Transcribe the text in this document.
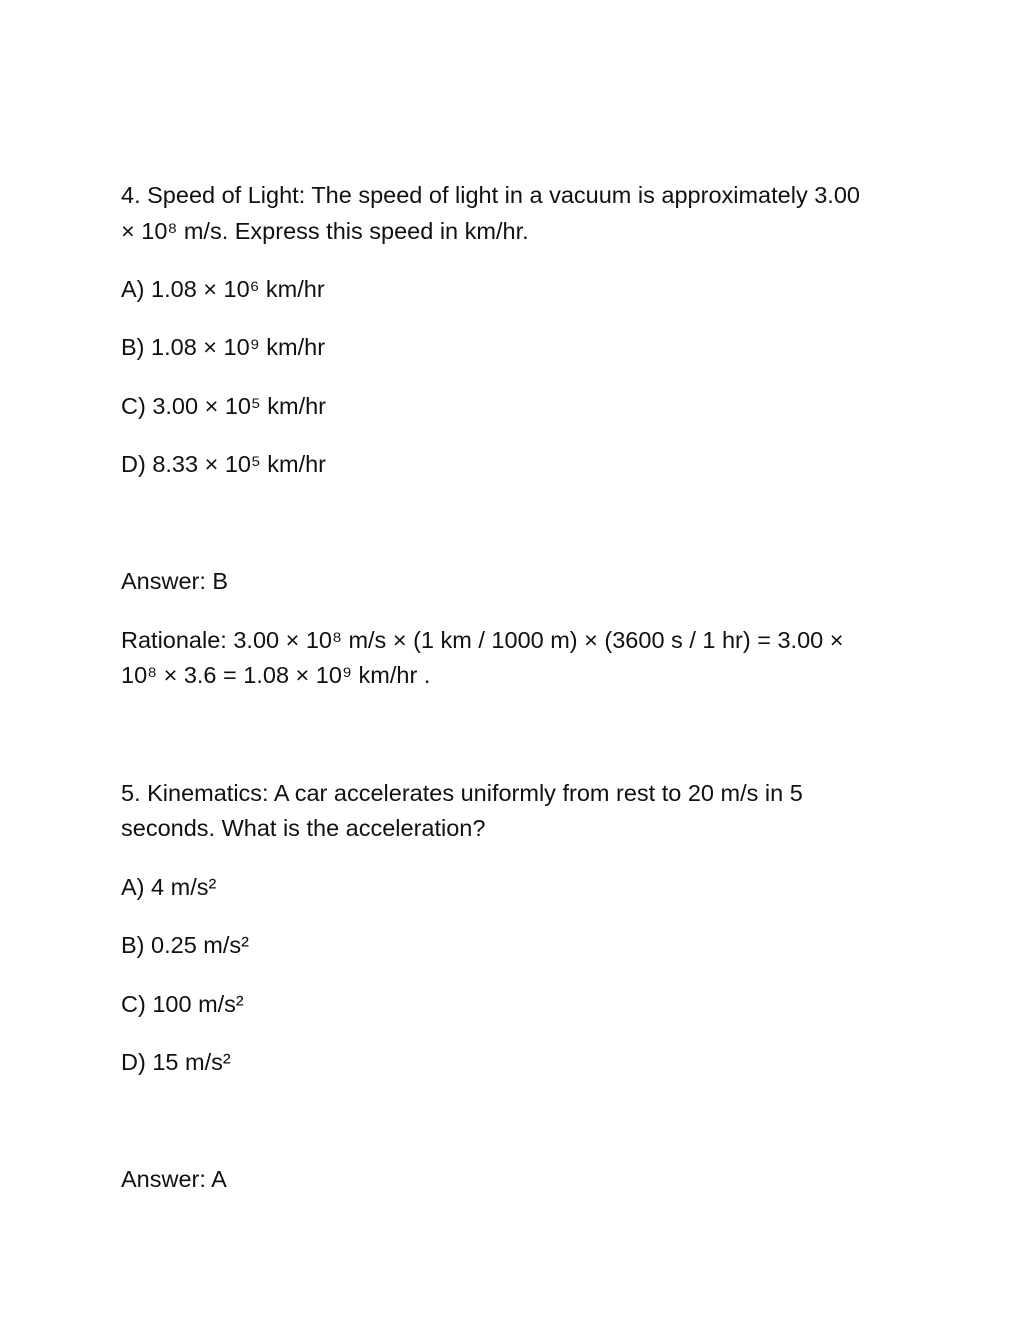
4. Speed of Light: The speed of light in a vacuum is approximately 3.00
× 10⁸ m/s. Express this speed in km/hr.
A) 1.08 × 10⁶ km/hr
B) 1.08 × 10⁹ km/hr
C) 3.00 × 10⁵ km/hr
D) 8.33 × 10⁵ km/hr
Answer: B
Rationale: 3.00 × 10⁸ m/s × (1 km / 1000 m) × (3600 s / 1 hr) = 3.00 ×
10⁸ × 3.6 = 1.08 × 10⁹ km/hr .
5. Kinematics: A car accelerates uniformly from rest to 20 m/s in 5
seconds. What is the acceleration?
A) 4 m/s²
B) 0.25 m/s²
C) 100 m/s²
D) 15 m/s²
Answer: A
